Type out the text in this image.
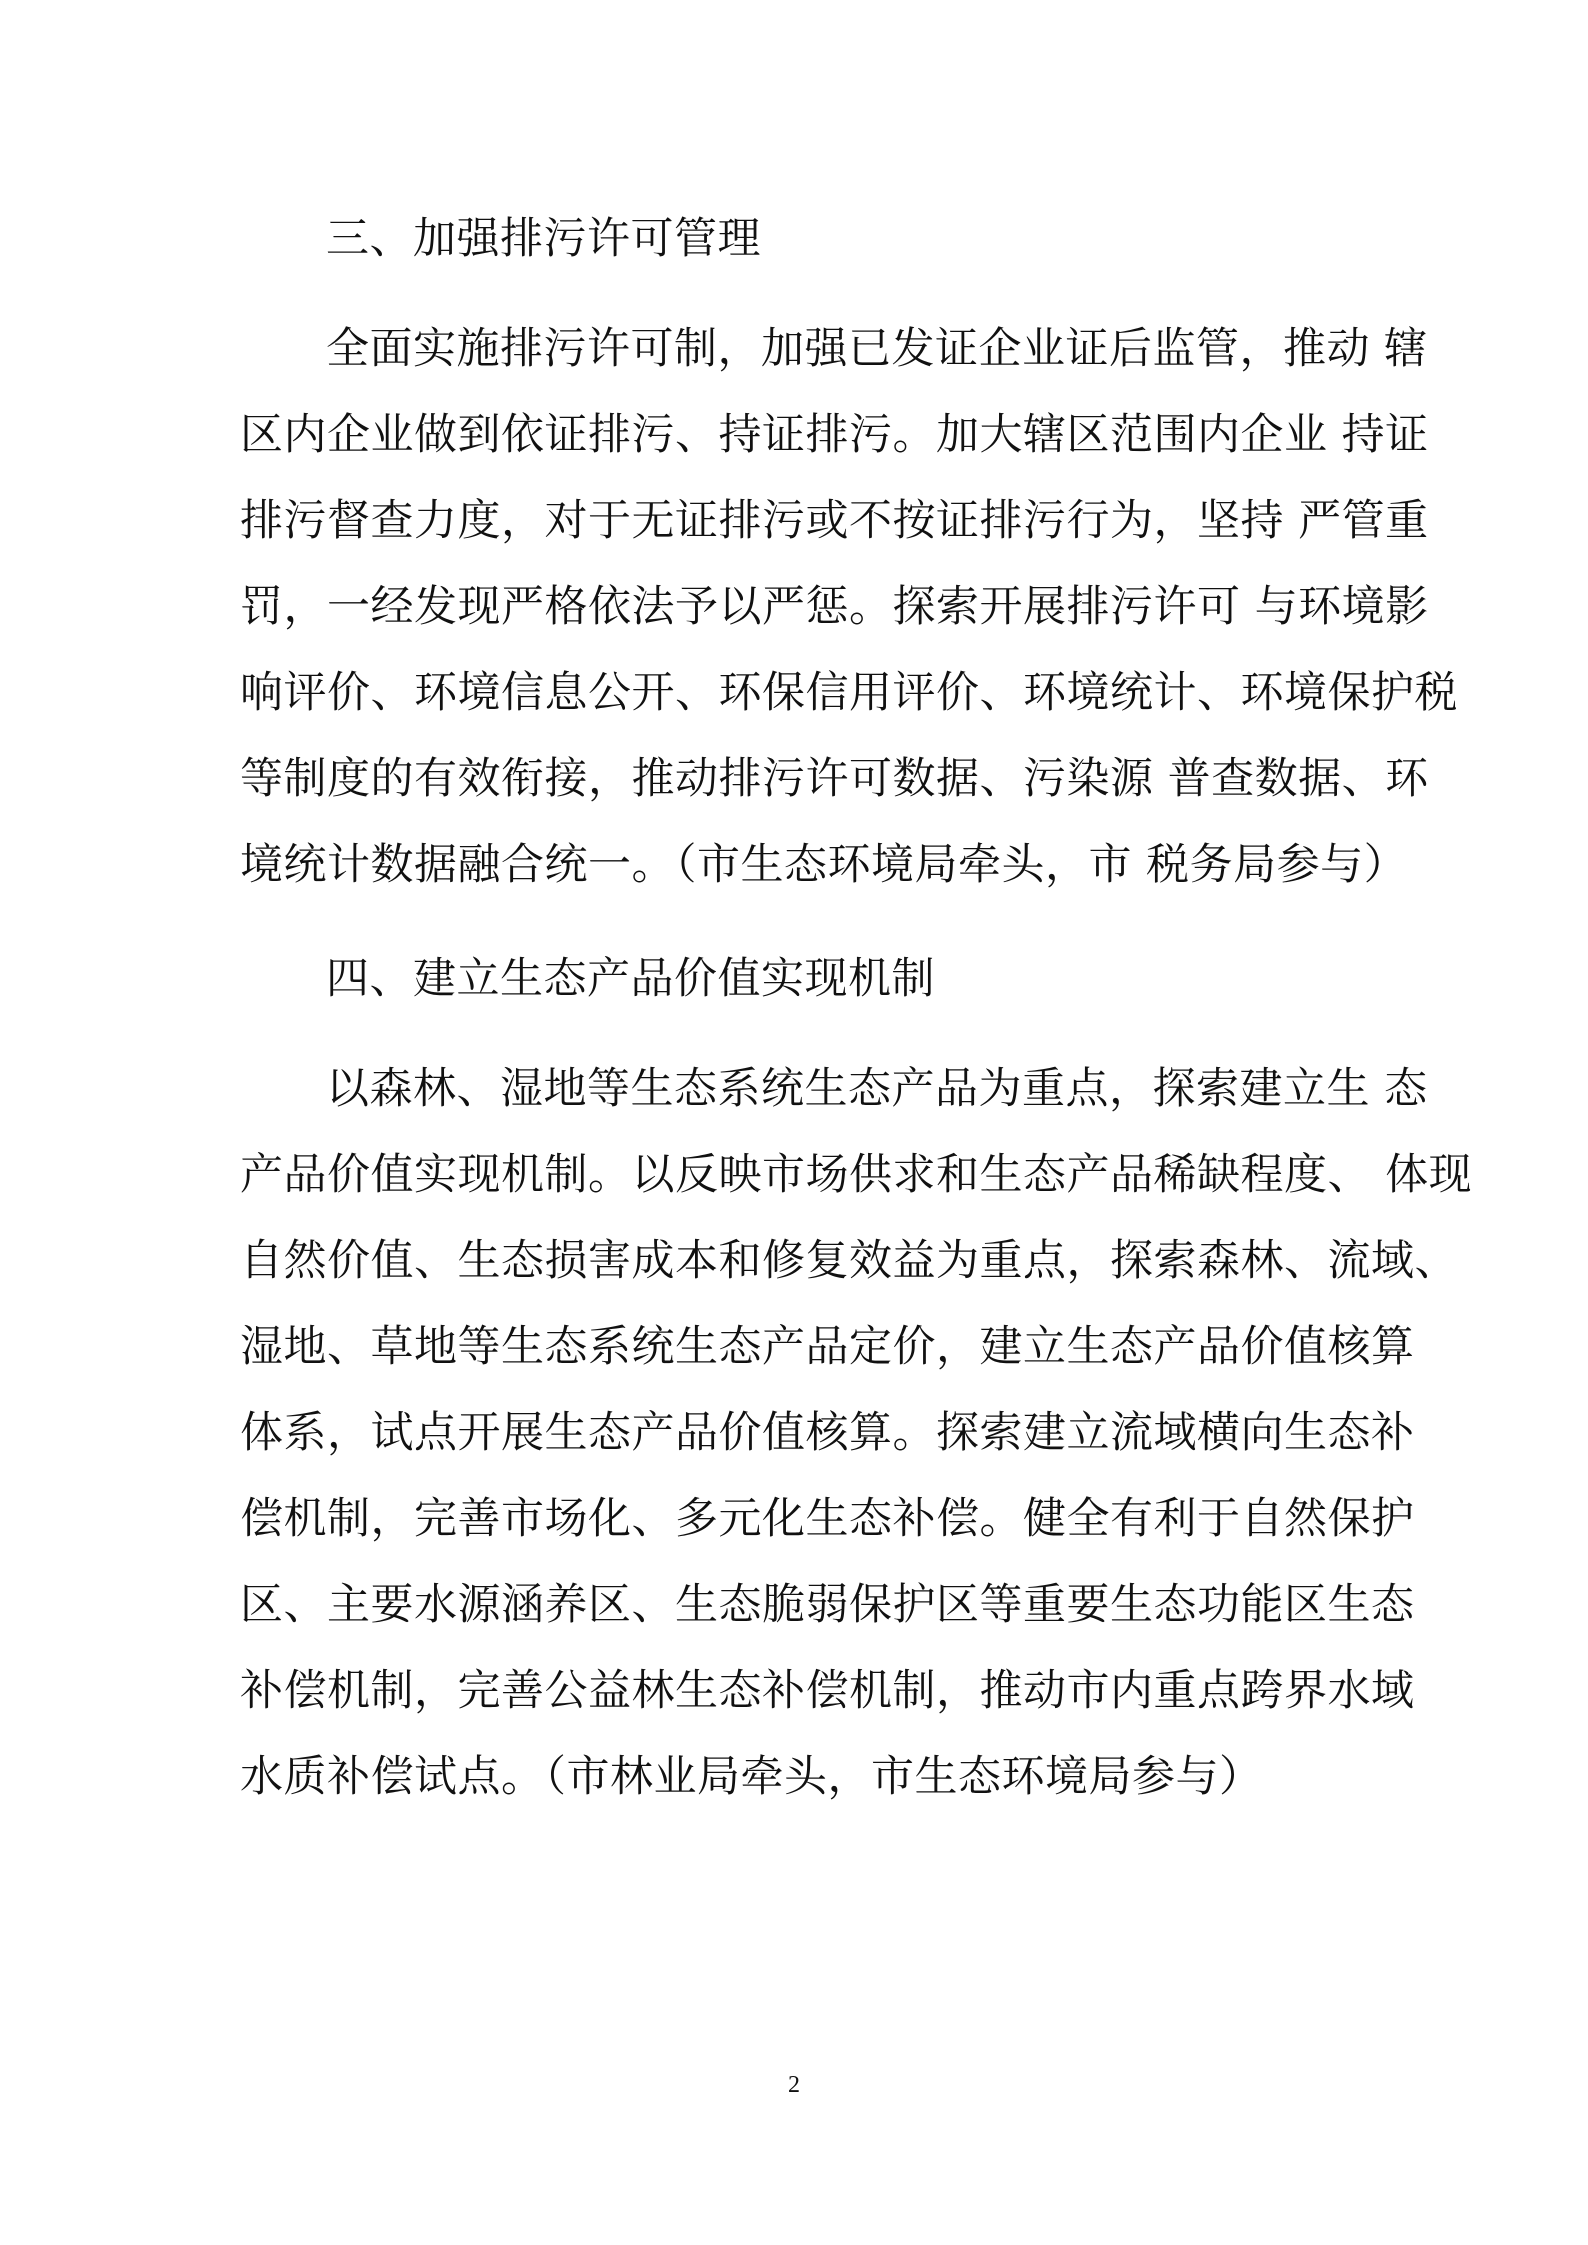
三、加强排污许可管理
全面实施排污许可制，加强已发证企业证后监管，推动 辖
区内企业做到依证排污、持证排污。加大辖区范围内企业 持证
排污督查力度，对于无证排污或不按证排污行为，坚持 严管重
罚，一经发现严格依法予以严惩。探索开展排污许可 与环境影
响评价、环境信息公开、环保信用评价、环境统计、环境保护税
等制度的有效衔接，推动排污许可数据、污染源 普查数据、环
境统计数据融合统一。（市生态环境局牵头，市 税务局参与）
四、建立生态产品价值实现机制
以森林、湿地等生态系统生态产品为重点，探索建立生 态
产品价值实现机制。以反映市场供求和生态产品稀缺程度、 体现
自然价值、生态损害成本和修复效益为重点，探索森林、流域、
湿地、草地等生态系统生态产品定价，建立生态产品价值核算
体系，试点开展生态产品价值核算。探索建立流域横向生态补
偿机制，完善市场化、多元化生态补偿。健全有利于自然保护
区、主要水源涵养区、生态脆弱保护区等重要生态功能区生态
补偿机制，完善公益林生态补偿机制，推动市内重点跨界水域
水质补偿试点。（市林业局牵头，市生态环境局参与）
2
